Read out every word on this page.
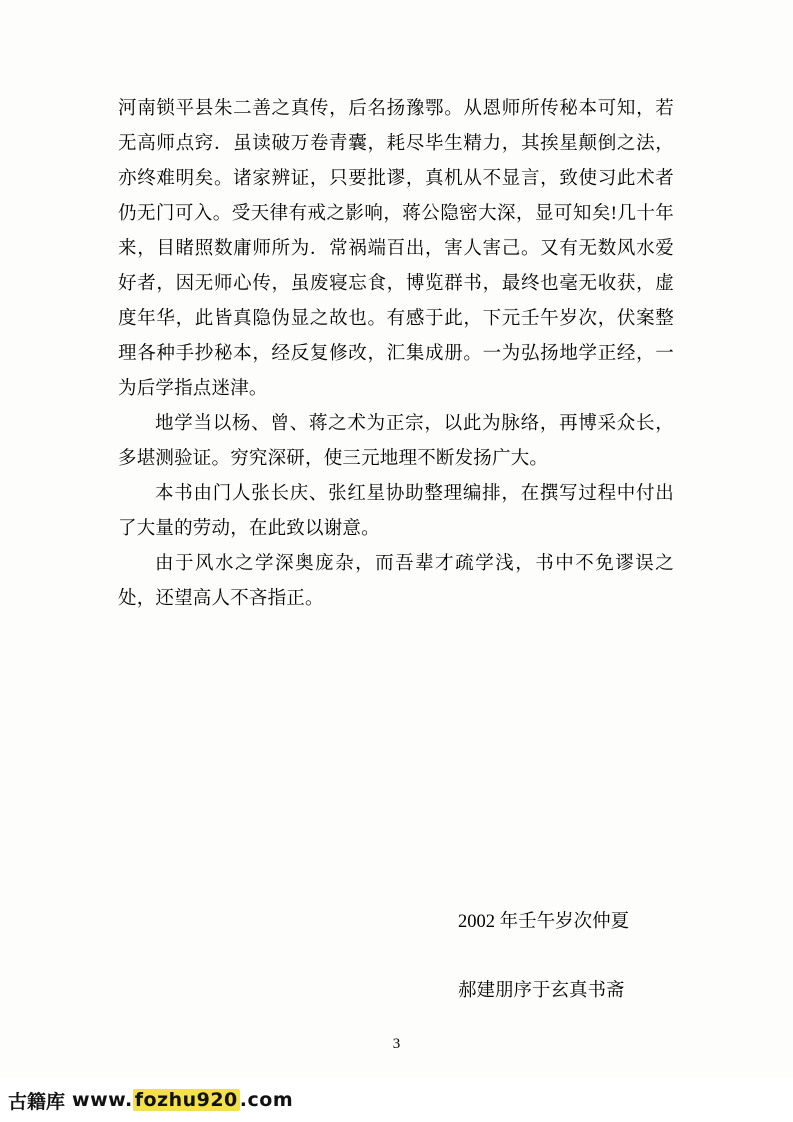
河南锁平县朱二善之真传，后名扬豫鄂。从恩师所传秘本可知，若无高师点窍．虽读破万卷青囊，耗尽毕生精力，其挨星颠倒之法，亦终难明矣。诸家辨证，只要批谬，真机从不显言，致使习此术者仍无门可入。受天律有戒之影响，蒋公隐密大深，显可知矣!几十年来，目睹照数庸师所为．常祸端百出，害人害己。又有无数风水爱好者，因无师心传，虽废寝忘食，博览群书，最终也毫无收获，虚度年华，此皆真隐伪显之故也。有感于此，下元壬午岁次，伏案整理各种手抄秘本，经反复修改，汇集成册。一为弘扬地学正经，一为后学指点迷津。

地学当以杨、曾、蒋之术为正宗，以此为脉络，再博采众长，多堪测验证。穷究深研，使三元地理不断发扬广大。

本书由门人张长庆、张红星协助整理编排，在撰写过程中付出了大量的劳动，在此致以谢意。

由于风水之学深奥庞杂，而吾辈才疏学浅，书中不免谬误之处，还望高人不吝指正。

2002 年壬午岁次仲夏
郝建朋序于玄真书斋
3
古籍库 www. fozhu920 .com
